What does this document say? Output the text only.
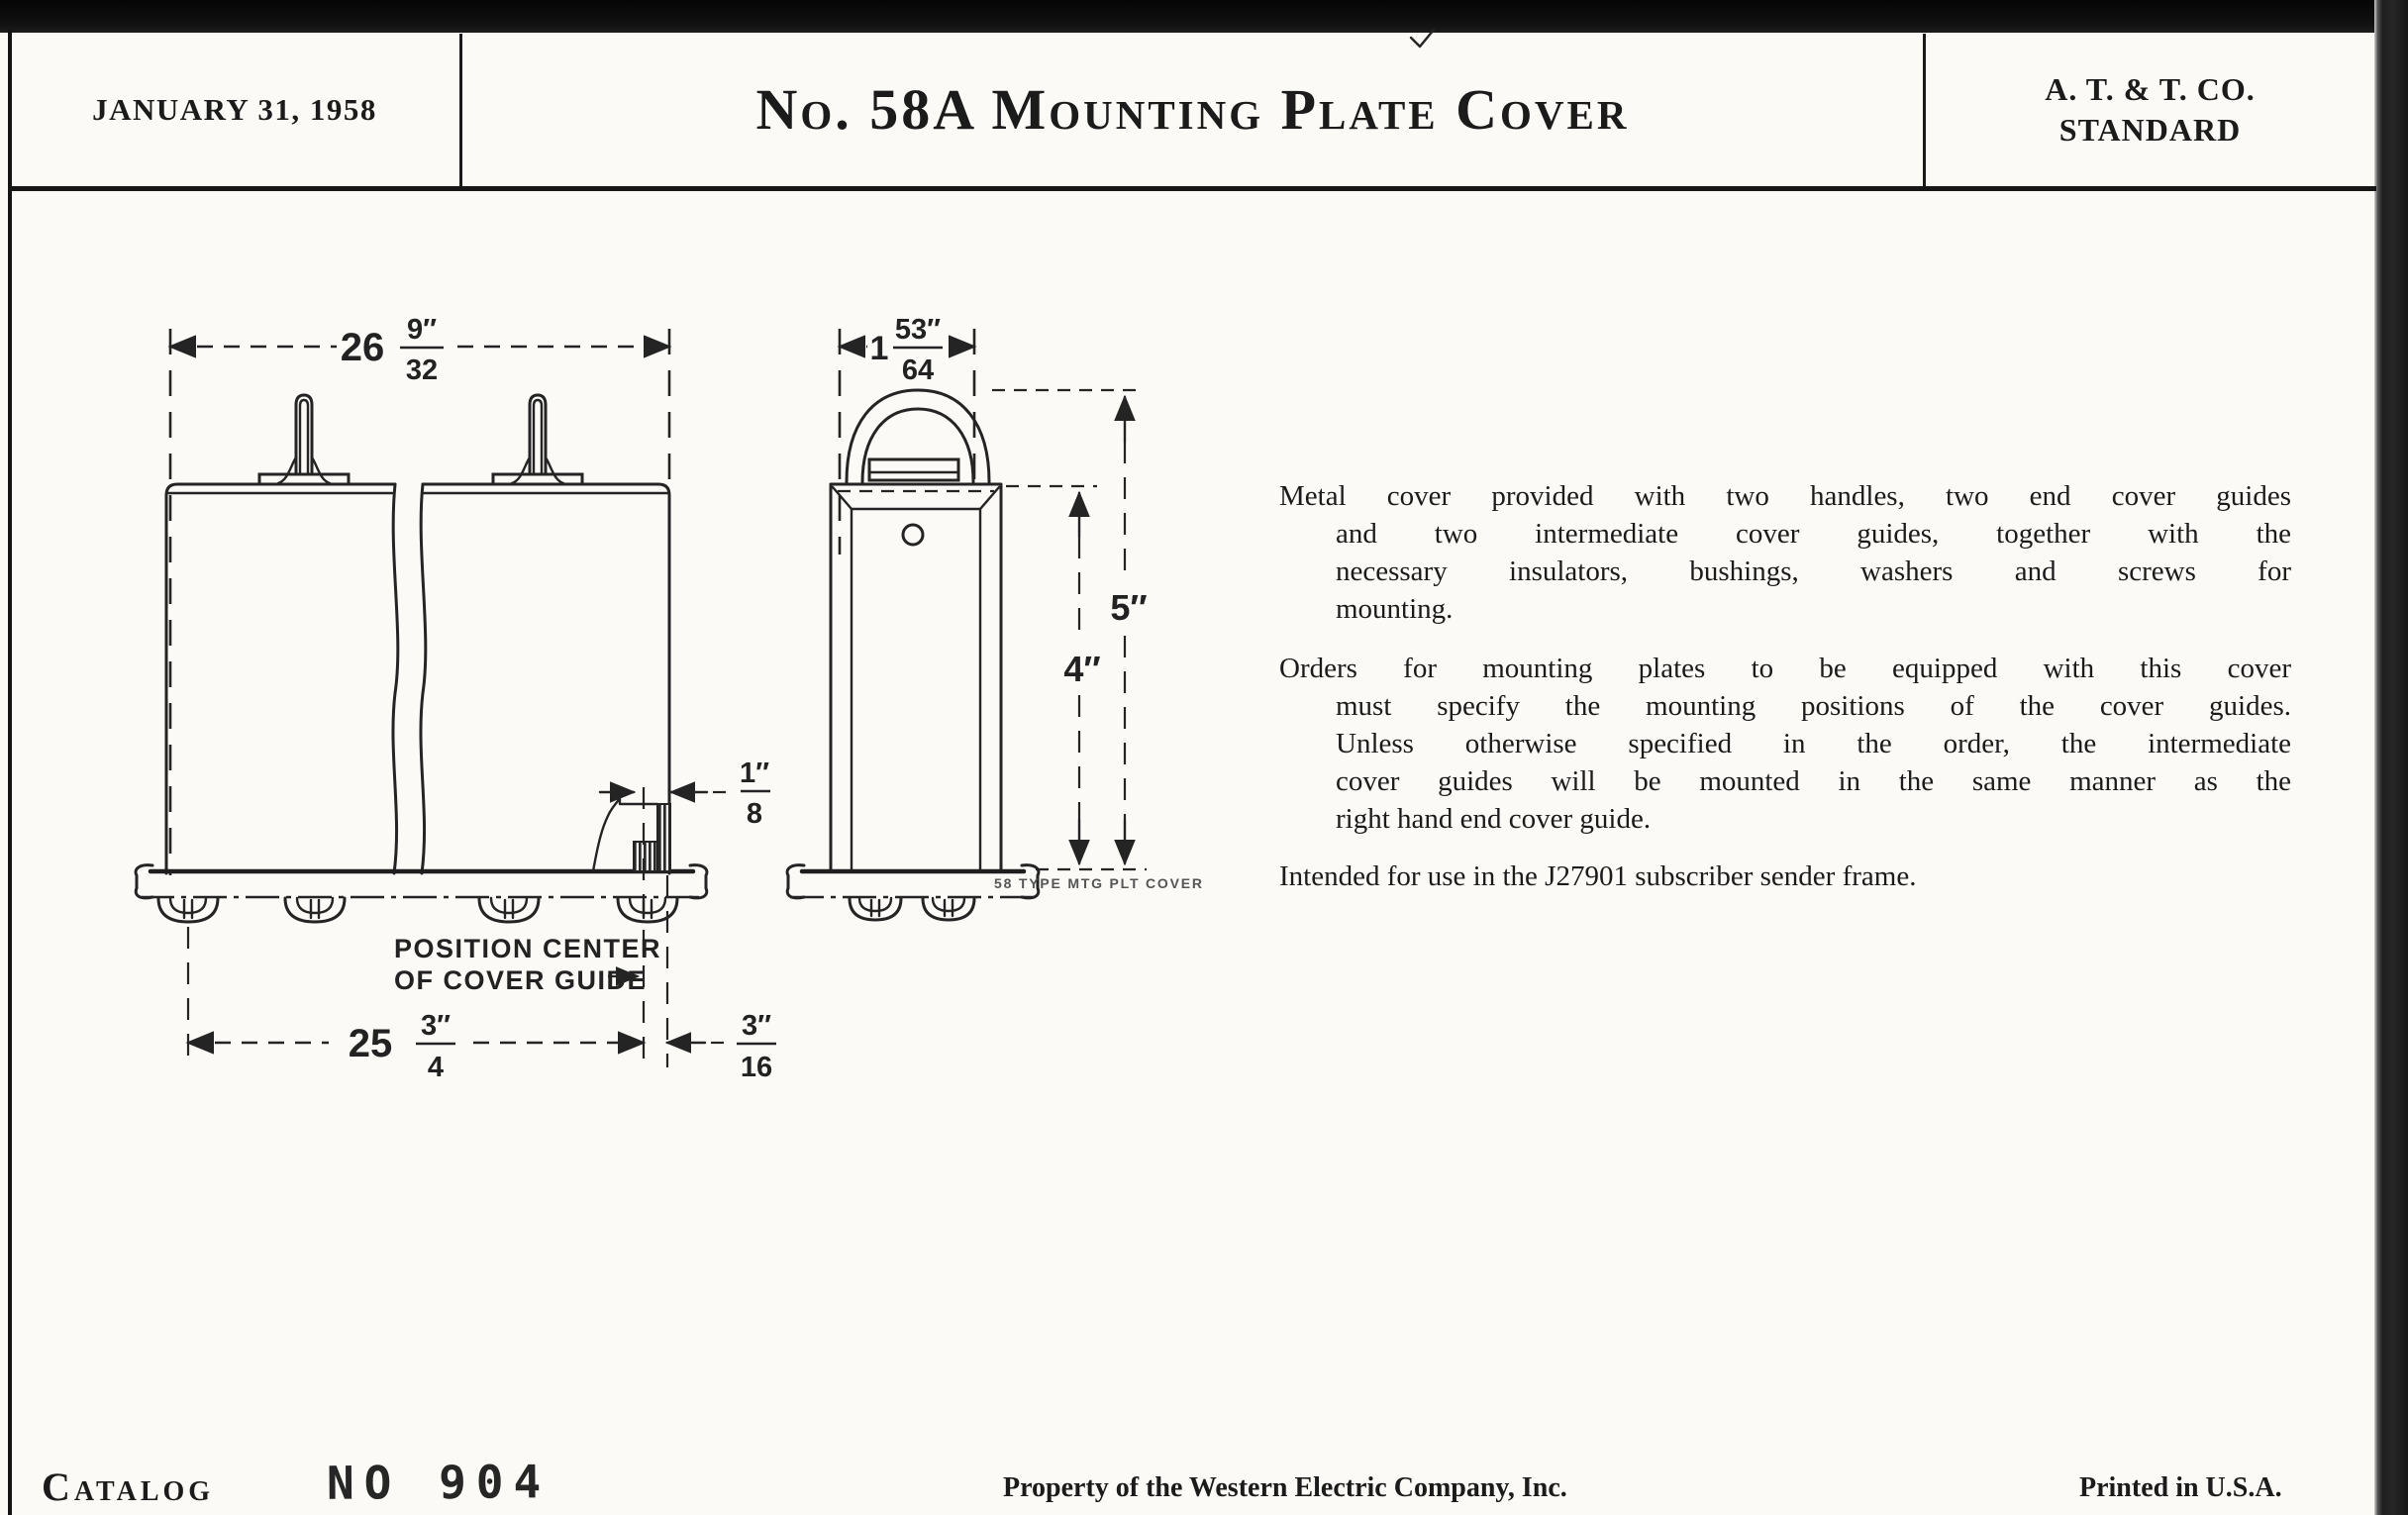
JANUARY 31, 1958	No. 58A Mounting Plate Cover	A. T. & T. CO.
STANDARD
26 9″
32
1″
8
POSITION CENTER
OF COVER GUIDE
25 3″
4
3″
16
1 53″
64
58 TYPE MTG PLT COVER
4″
5″
Metal cover provided with two handles, two end cover guides
and two intermediate cover guides, together with the
necessary insulators, bushings, washers and screws for
mounting.
Orders for mounting plates to be equipped with this cover
must specify the mounting positions of the cover guides.
Unless otherwise specified in the order, the intermediate
cover guides will be mounted in the same manner as the
right hand end cover guide.
Intended for use in the J27901 subscriber sender frame.
Catalog NO 904	Property of the Western Electric Company, Inc.	Printed in U.S.A.
